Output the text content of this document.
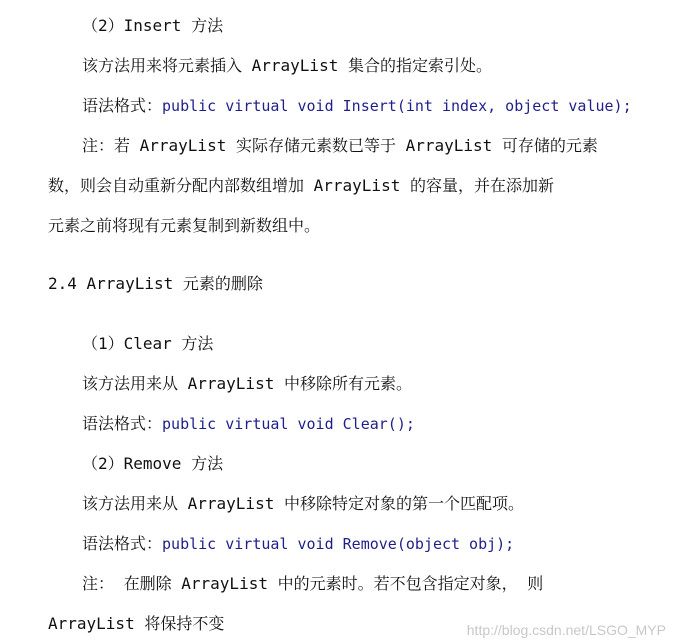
（2）Insert 方法
该方法用来将元素插入 ArrayList 集合的指定索引处。
语法格式：public virtual void Insert(int index, object value);
注：若 ArrayList 实际存储元素数已等于 ArrayList 可存储的元素
数，则会自动重新分配内部数组增加 ArrayList 的容量，并在添加新
元素之前将现有元素复制到新数组中。
2.4 ArrayList 元素的删除
（1）Clear 方法
该方法用来从 ArrayList 中移除所有元素。
语法格式：public virtual void Clear();
（2）Remove 方法
该方法用来从 ArrayList 中移除特定对象的第一个匹配项。
语法格式：public virtual void Remove(object obj);
注： 在删除 ArrayList 中的元素时。若不包含指定对象， 则
ArrayList 将保持不变	http://blog.csdn.net/LSGO_MYP
